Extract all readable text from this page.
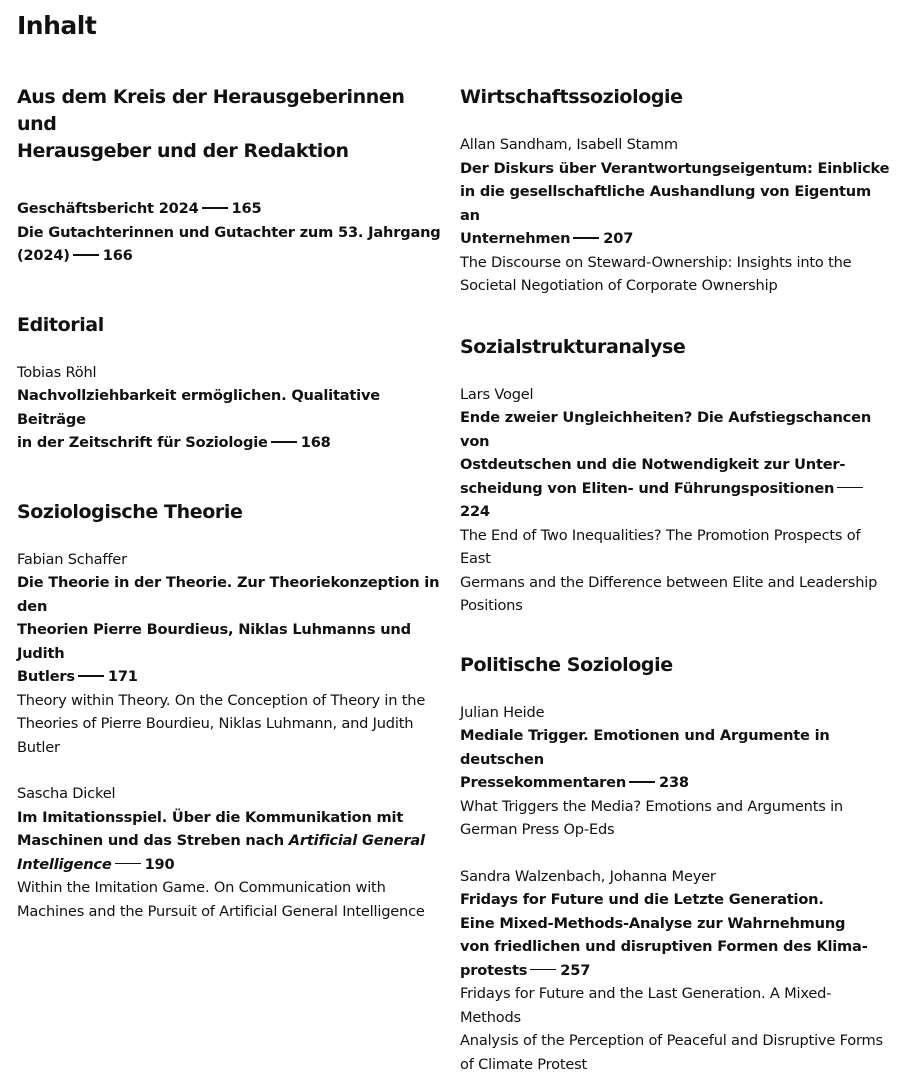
Inhalt
Aus dem Kreis der Herausgeberinnen und
Herausgeber und der Redaktion
Geschäftsbericht 2024 165
Die Gutachterinnen und Gutachter zum 53. Jahrgang
(2024) 166
Editorial
Tobias Röhl
Nachvollziehbarkeit ermöglichen. Qualitative Beiträge
in der Zeitschrift für Soziologie 168
Soziologische Theorie
Fabian Schaffer
Die Theorie in der Theorie. Zur Theoriekonzeption in den
Theorien Pierre Bourdieus, Niklas Luhmanns und Judith
Butlers 171
Theory within Theory. On the Conception of Theory in the
Theories of Pierre Bourdieu, Niklas Luhmann, and Judith
Butler
Sascha Dickel
Im Imitationsspiel. Über die Kommunikation mit
Maschinen und das Streben nach Artificial General
Intelligence 190
Within the Imitation Game. On Communication with
Machines and the Pursuit of Artificial General Intelligence
Wirtschaftssoziologie
Allan Sandham, Isabell Stamm
Der Diskurs über Verantwortungseigentum: Einblicke
in die gesellschaftliche Aushandlung von Eigentum an
Unternehmen 207
The Discourse on Steward-Ownership: Insights into the
Societal Negotiation of Corporate Ownership
Sozialstrukturanalyse
Lars Vogel
Ende zweier Ungleichheiten? Die Aufstiegschancen von
Ostdeutschen und die Notwendigkeit zur Unter-
scheidung von Eliten- und Führungspositionen224
The End of Two Inequalities? The Promotion Prospects of East
Germans and the Difference between Elite and Leadership
Positions
Politische Soziologie
Julian Heide
Mediale Trigger. Emotionen und Argumente in deutschen
Pressekommentaren 238
What Triggers the Media? Emotions and Arguments in
German Press Op-Eds
Sandra Walzenbach, Johanna Meyer
Fridays for Future und die Letzte Generation.
Eine Mixed-Methods-Analyse zur Wahrnehmung
von friedlichen und disruptiven Formen des Klima-
protests 257
Fridays for Future and the Last Generation. A Mixed-Methods
Analysis of the Perception of Peaceful and Disruptive Forms
of Climate Protest
